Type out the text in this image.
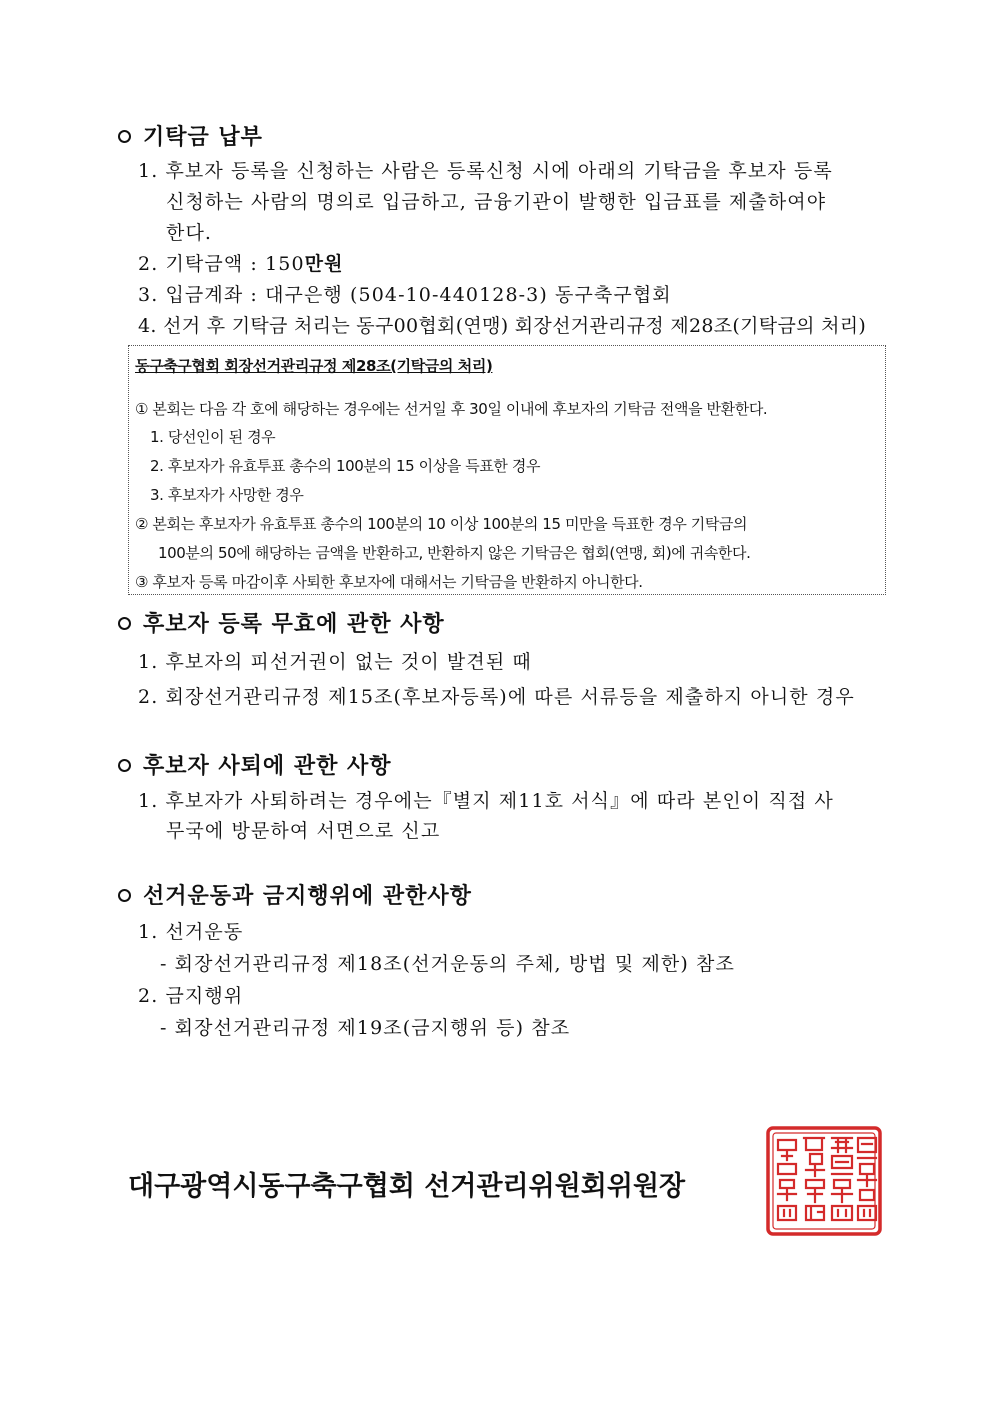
기탁금 납부
1. 후보자 등록을 신청하는 사람은 등록신청 시에 아래의 기탁금을 후보자 등록
신청하는 사람의 명의로 입금하고, 금융기관이 발행한 입금표를 제출하여야
한다.
2. 기탁금액 : 150만원
3. 입금계좌 : 대구은행 (504-10-440128-3) 동구축구협회
4. 선거 후 기탁금 처리는 동구00협회(연맹) 회장선거관리규정 제28조(기탁금의 처리)
동구축구협회 회장선거관리규정 제28조(기탁금의 처리)
① 본회는 다음 각 호에 해당하는 경우에는 선거일 후 30일 이내에 후보자의 기탁금 전액을 반환한다.
1. 당선인이 된 경우
2. 후보자가 유효투표 총수의 100분의 15 이상을 득표한 경우
3. 후보자가 사망한 경우
② 본회는 후보자가 유효투표 총수의 100분의 10 이상 100분의 15 미만을 득표한 경우 기탁금의
100분의 50에 해당하는 금액을 반환하고, 반환하지 않은 기탁금은 협회(연맹, 회)에 귀속한다.
③ 후보자 등록 마감이후 사퇴한 후보자에 대해서는 기탁금을 반환하지 아니한다.
후보자 등록 무효에 관한 사항
1. 후보자의 피선거권이 없는 것이 발견된 때
2. 회장선거관리규정 제15조(후보자등록)에 따른 서류등을 제출하지 아니한 경우
후보자 사퇴에 관한 사항
1. 후보자가 사퇴하려는 경우에는『별지 제11호 서식』에 따라 본인이 직접 사
무국에 방문하여 서면으로 신고
선거운동과 금지행위에 관한사항
1. 선거운동
- 회장선거관리규정 제18조(선거운동의 주체, 방법 및 제한) 참조
2. 금지행위
- 회장선거관리규정 제19조(금지행위 등) 참조
대구광역시동구축구협회 선거관리위원회위원장
